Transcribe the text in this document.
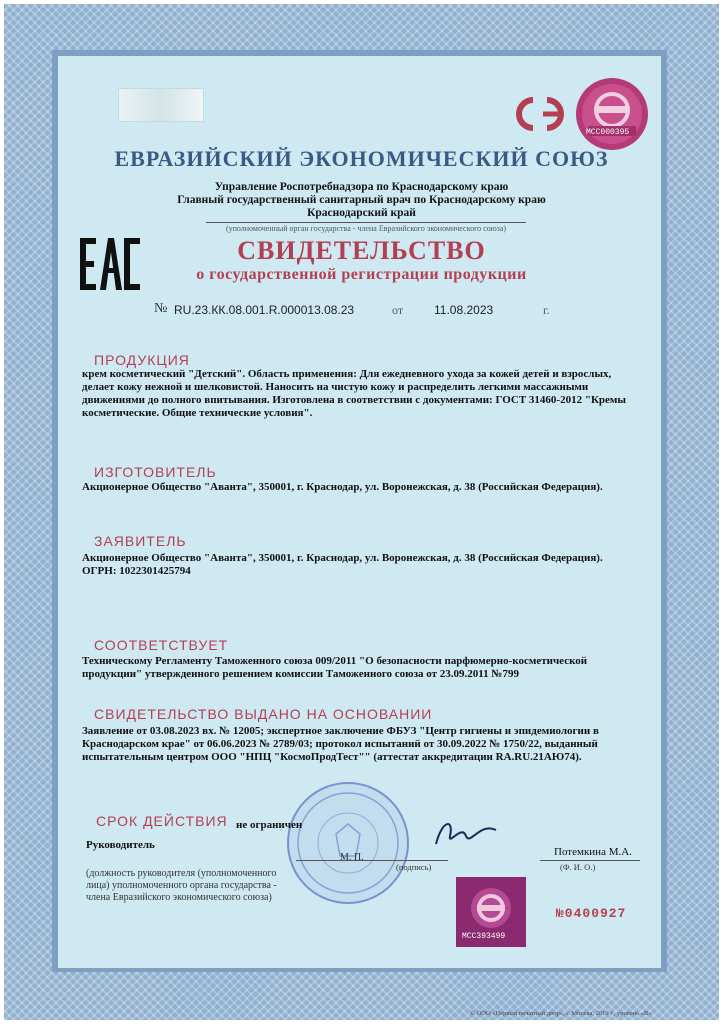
МСС000395
ЕВРАЗИЙСКИЙ ЭКОНОМИЧЕСКИЙ СОЮЗ
Управление Роспотребнадзора по Краснодарскому краю
Главный государственный санитарный врач по Краснодарскому краю
Краснодарский край
(уполномоченный орган государства - члена Евразийского экономического союза)
СВИДЕТЕЛЬСТВО
о государственной регистрации продукции
№ RU.23.КК.08.001.R.000013.08.23	от	11.08.2023	г.
ПРОДУКЦИЯ
крем косметический "Детский". Область применения: Для ежедневного ухода за кожей детей и взрослых,
делает кожу нежной и шелковистой. Наносить на чистую кожу и распределить легкими массажными
движениями до полного впитывания. Изготовлена в соответствии с документами: ГОСТ 31460-2012 "Кремы
косметические. Общие технические условия".
ИЗГОТОВИТЕЛЬ
Акционерное Общество "Аванта", 350001, г. Краснодар, ул. Воронежская, д. 38 (Российская Федерация).
ЗАЯВИТЕЛЬ
Акционерное Общество "Аванта", 350001, г. Краснодар, ул. Воронежская, д. 38 (Российская Федерация).
ОГРН: 1022301425794
СООТВЕТСТВУЕТ
Техническому Регламенту Таможенного союза 009/2011 "О безопасности парфюмерно-косметической
продукции" утвержденного решением комиссии Таможенного союза от 23.09.2011 №799
СВИДЕТЕЛЬСТВО ВЫДАНО НА ОСНОВАНИИ
Заявление от 03.08.2023 вх. № 12005; экспертное заключение ФБУЗ "Центр гигиены и эпидемиологии в
Краснодарском крае" от 06.06.2023 № 2789/03; протокол испытаний от 30.09.2022 № 1750/22, выданный
испытательным центром ООО "НПЦ "КосмоПродТест"" (аттестат аккредитации RA.RU.21АЮ74).
СРОК ДЕЙСТВИЯ не ограничен
Руководитель
М. П.
(подпись)
Потемкина М.А.
(Ф. И. О.)
(должность руководителя (уполномоченного
лица) уполномоченного органа государства -
члена Евразийского экономического союза)
МСС393499
№0400927
© ООО «Первый печатный двор», г. Москва, 2019 г., уровень «В»
